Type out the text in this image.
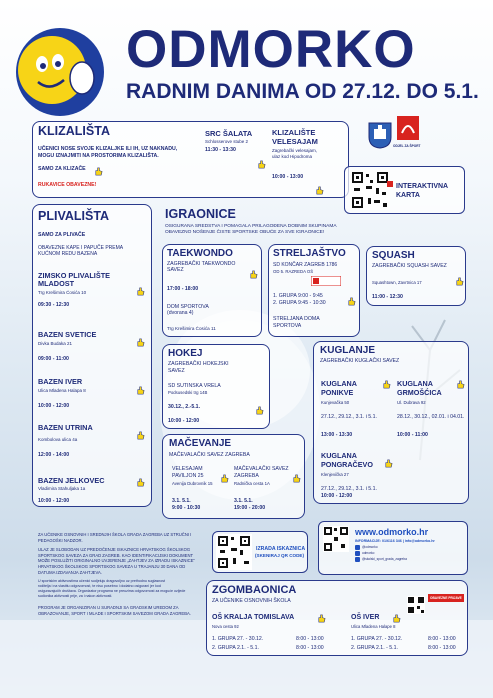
ODMORKO
RADNIM DANIMA OD 27.12. DO 5.1.
KLIZALIŠTA
UČENICI NOSE SVOJE KLIZALJKE ILI IH, UZ NAKNADU,
MOGU IZNAJMITI NA PROSTORIMA KLIZALIŠTA.
SAMO ZA KLIZAČE
RUKAVICE OBAVEZNE!
SRC ŠALATA
Schlosserove stube 2
11:30 - 13:30
KLIZALIŠTE
VELESAJAM
Zagrebački velesajam,
ulaz kod Hipodroma
10:00 - 13:00
ODJEL ZA ŠPORT
INTERAKTIVNA
KARTA
PLIVALIŠTA
SAMO ZA PLIVAČE
OBAVEZNE KAPE I PAPUČE PREMA
KUĆNOM REDU BAZENA
ZIMSKO PLIVALIŠTE
MLADOST
Trg Krešimira Ćosića 10
09:30 - 12:30
BAZEN SVETICE
Divka Budaka 21
09:00 - 11:00
BAZEN IVER
Ulica Mladena Halapa 8
10:00 - 12:00
BAZEN UTRINA
Kombolova ulica 4a
12:00 - 14:00
BAZEN JELKOVEC
Vladimira Stahuljaka 1a
10:00 - 12:00
IGRAONICE
OSIGURANA SREDSTVA I POMAGALA PRILAGOĐENA DOBNIM SKUPINAMA
OBAVEZNO NOŠENJE ČISTE SPORTSKE OBUĆE ZA SVE IGRAONICE!
TAEKWONDO
ZAGREBAČKI TAEKWONDO
SAVEZ
17:00 - 18:00
DOM SPORTOVA
(dvorana 4)
Trg Krešimira Ćosića 11
STRELJAŠTVO
SD KONČAR ZAGREB 1786
OD 5. RAZREDA OŠ
1. GRUPA 9:00 - 9:45
2. GRUPA 9:45 - 10:30
STRELJANA DOMA
SPORTOVA
SQUASH
ZAGREBAČKI SQUASH SAVEZ
Squashtown, Zavrtnica 17
11:00 - 12:30
HOKEJ
ZAGREBAČKI HOKEJSKI
SAVEZ
SD SUTINSKA VRELA
Podsusedski trg 14B
30.12., 2.-5.1.
10:00 - 12:00
KUGLANJE
ZAGREBAČKI KUGLAČKI SAVEZ
KUGLANA
PONIKVE
Kunjevačka 50
27.12., 29.12., 3.1. i 5.1.
13:00 - 13:30
KUGLANA
GRMOŠĆICA
Ul. Dubrava 92
28.12., 30.12., 02.01. i 04.01.
10:00 - 11:00
KUGLANA
PONGRAČEVO
Klenjevička 27
27.12., 29.12., 3.1. i 5.1.
10:00 - 12:00
MAČEVANJE
MAČEVALAČKI SAVEZ ZAGREBA
VELESAJAM
PAVILJON 25
Avenija Dubrovnik 15
3.1. 5.1.
9:00 - 10:30
MAČEVALAČKI SAVEZ
ZAGREBA
Radnička cesta 1A
3.1. 5.1.
19:00 - 20:00
ZA UČENIKE OSNOVNIH I SREDNJIH ŠKOLA GRADA ZAGREBA UZ STRUČNI I
PEDAGOŠKI NADZOR.
ULAZ JE SLOBODAN UZ PREDOČENJE ISKAZNICE HRVATSKOG ŠKOLSKOG
SPORTSKOG SAVEZA ZA GRAD ZAGREB. KAO IDENTIFIKACIJSKI DOKUMENT
MOŽE POSLUŽITI ORIGINALNO UVJERENJE „ZAHTJEV ZA IZRADU ISKAZNICE“
HRVATSKOG ŠKOLSKOG SPORTSKOG SAVEZA U TRAJANJU 30 DANA OD
DATUMA IZDAVANJA ZAHTJEVA.
U sportskim aktivnostima učenici sudjeluju dragovoljno uz prethodnu suglasnost
roditelja i na vlastitu odgovornost, te nisu posebno i dodatno osigurani jer kod
osiguravajućih društava. Organizator programa ne preuzima odgovornost za moguće ozljede
sudionika aktivnosti prije, za i nakon aktivnosti.
PROGRAM JE ORGANIZIRAN U SURADNJI SA GRADSKIM UREDOM ZA
OBRAZOVANJE, SPORT I MLADE I SPORTSKIM SAVEZOM GRADA ZAGREBA.
IZRADA ISKAZNICA
(SKENIRAJ QR CODE)
www.odmorko.hr
INFORMACIJE: 01/6116 346 | info@odmorko.hr
@odmorko
odmorko
@skolski_sport_grada_zagreba
ZGOMBAONICA
ZA UČENIKE OSNOVNIH ŠKOLA
OŠ KRALJA TOMISLAVA
Nova cesta 92
1. GRUPA 27. - 30.12.	8:00 - 13:00
2. GRUPA 2.1. - 5.1.	8:00 - 13:00
OŠ IVER
Ulica Mladena Halape 8
1. GRUPA 27. - 30.12.	8:00 - 13:00
2. GRUPA 2.1. - 5.1.	8:00 - 13:00
OBAVEZNE PRIJAVE
